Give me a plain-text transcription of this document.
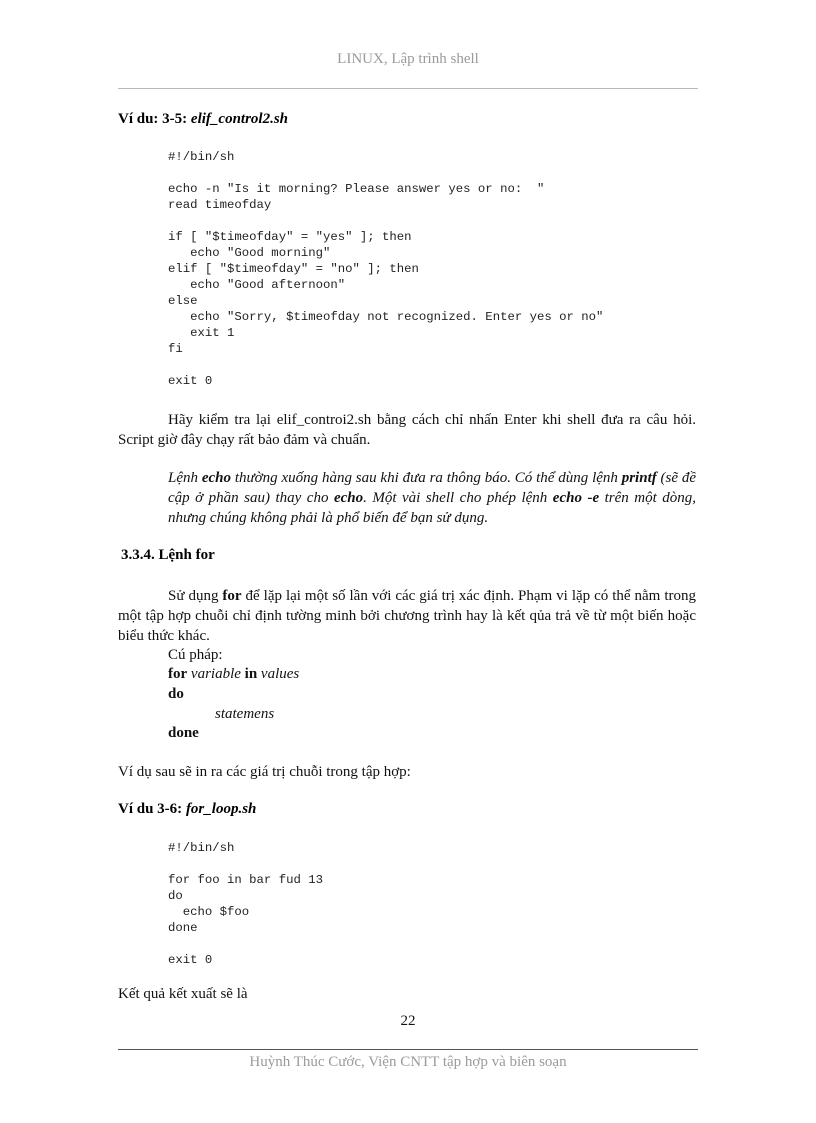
LINUX, Lập trình shell
Ví du: 3-5: elif_control2.sh
#!/bin/sh

echo -n "Is it morning? Please answer yes or no:  "
read timeofday

if [ "$timeofday" = "yes" ]; then
echo "Good morning"
elif [ "$timeofday" = "no" ]; then
echo "Good afternoon"
else
echo "Sorry, $timeofday not recognized. Enter yes or no"
exit 1
fi

exit 0

Hãy kiểm tra lại elif_controi2.sh bằng cách chỉ nhấn Enter khi shell đưa ra câu hỏi. Script giờ đây chạy rất bảo đảm và chuẩn.

Lệnh echo thường xuống hàng sau khi đưa ra thông báo. Có thể dùng lệnh printf (sẽ đề cập ở phần sau) thay cho echo. Một vài shell cho phép lệnh echo -e trên một dòng, nhưng chúng không phải là phổ biến để bạn sử dụng.

3.3.4. Lệnh for

Sử dụng for để lặp lại một số lần với các giá trị xác định. Phạm vi lặp có thể nằm trong một tập hợp chuỗi chỉ định tường minh bởi chương trình hay là kết qủa trả về từ một biến hoặc biểu thức khác.

Cú pháp:
for variable in values
do
statemens
done

Ví dụ sau sẽ in ra các giá trị chuỗi trong tập hợp:

Ví du 3-6: for_loop.sh
#!/bin/sh

for foo in bar fud 13
do
echo $foo
done

exit 0

Kết quả kết xuất sẽ là

22
Huỳnh Thúc Cước, Viện CNTT tập hợp và biên soạn
